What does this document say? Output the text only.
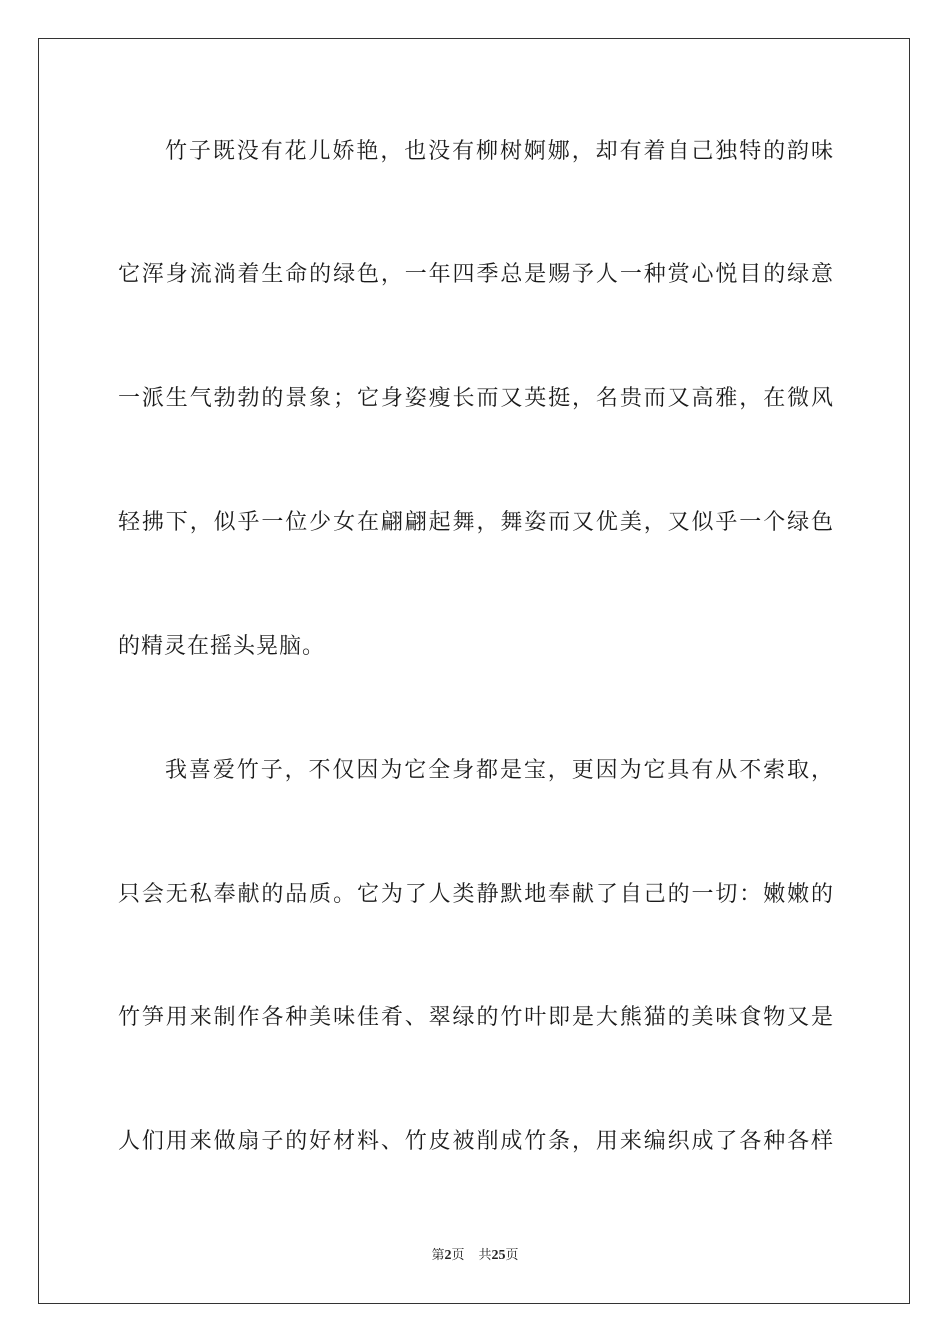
竹子既没有花儿娇艳，也没有柳树婀娜，却有着自己独特的韵味
它浑身流淌着生命的绿色，一年四季总是赐予人一种赏心悦目的绿意
一派生气勃勃的景象；它身姿瘦长而又英挺，名贵而又高雅，在微风
轻拂下，似乎一位少女在翩翩起舞，舞姿而又优美，又似乎一个绿色
的精灵在摇头晃脑。
我喜爱竹子，不仅因为它全身都是宝，更因为它具有从不索取，
只会无私奉献的品质。它为了人类静默地奉献了自己的一切：嫩嫩的
竹笋用来制作各种美味佳肴、翠绿的竹叶即是大熊猫的美味食物又是
人们用来做扇子的好材料、竹皮被削成竹条，用来编织成了各种各样
第2页 共25页
